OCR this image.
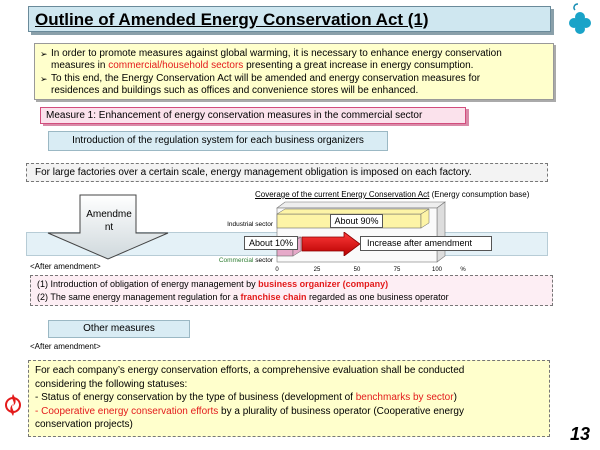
Outline of Amended Energy Conservation Act (1)
➢ In order to promote measures against global warming, it is necessary to enhance energy conservation
measures in commercial/household sectors presenting a great increase in energy consumption.
➢ To this end, the Energy Conservation Act will be amended and energy conservation measures for
residences and buildings such as offices and convenience stores will be enhanced.
Measure 1: Enhancement of energy conservation measures in the commercial sector
Introduction of the regulation system for each business organizers
For large factories over a certain scale, energy management obligation is imposed on each factory.
Amendment
<After amendment>
Coverage of the current Energy Conservation Act (Energy consumption base)
Industrial sector
Commercial sector
0	25	50	75	100	%
About 90%
About 10%	Increase after amendment
(1) Introduction of obligation of energy management by business organizer (company)
(2) The same energy management regulation for a franchise chain regarded as one business operator
Other measures
<After amendment>

For each company’s energy conservation efforts, a comprehensive evaluation shall be conducted

considering the following statuses:

- Status of energy conservation by the type of business (development of benchmarks by sector)

- Cooperative energy conservation efforts by a plurality of business operator (Cooperative energy

conservation projects)	13
